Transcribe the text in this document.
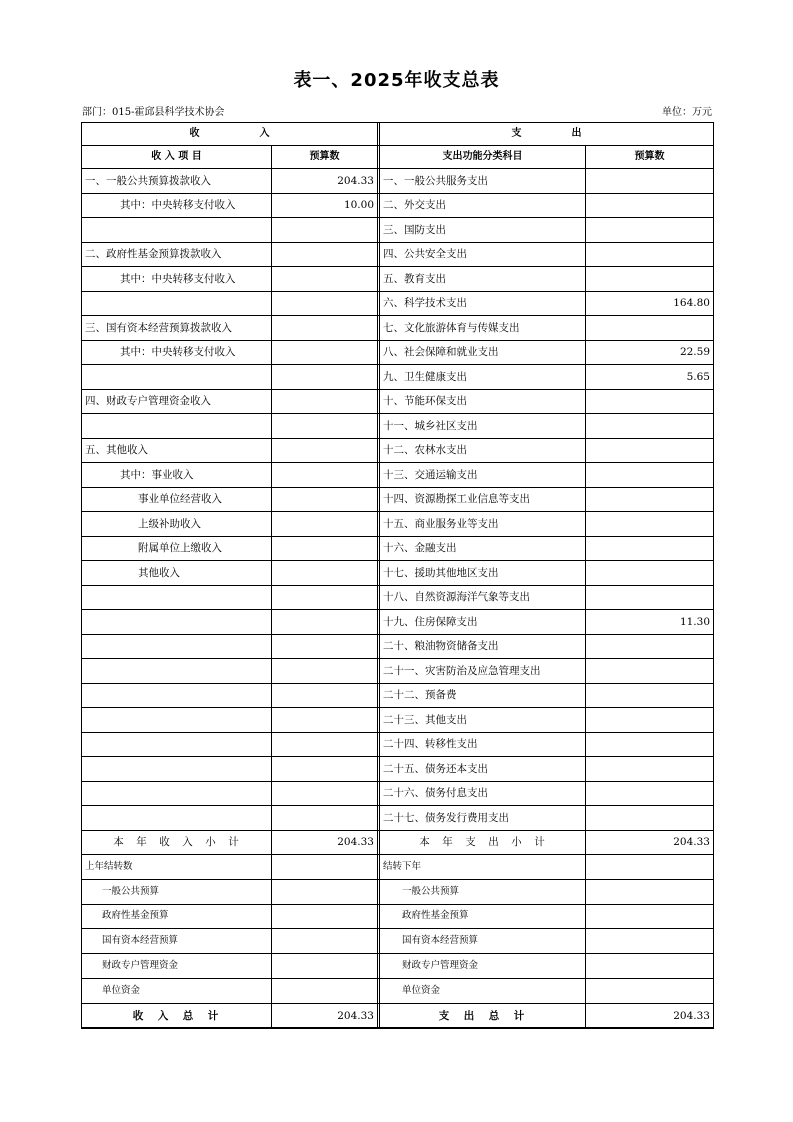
表一、2025年收支总表
部门：015-霍邱县科学技术协会	单位：万元
收　　　　　　入			支　　　　　出	
收 入 项 目	预算数		支出功能分类科目	预算数
一、一般公共预算拨款收入	204.33		一、一般公共服务支出	
其中：中央转移支付收入	10.00		二、外交支出	
			三、国防支出	
二、政府性基金预算拨款收入			四、公共安全支出	
其中：中央转移支付收入			五、教育支出	
			六、科学技术支出	164.80
三、国有资本经营预算拨款收入			七、文化旅游体育与传媒支出	
其中：中央转移支付收入			八、社会保障和就业支出	22.59
			九、卫生健康支出	5.65
四、财政专户管理资金收入			十、节能环保支出	
			十一、城乡社区支出	
五、其他收入			十二、农林水支出	
其中：事业收入			十三、交通运输支出	
事业单位经营收入			十四、资源勘探工业信息等支出	
上级补助收入			十五、商业服务业等支出	
附属单位上缴收入			十六、金融支出	
其他收入			十七、援助其他地区支出	
			十八、自然资源海洋气象等支出	
			十九、住房保障支出	11.30
			二十、粮油物资储备支出	
			二十一、灾害防治及应急管理支出	
			二十二、预备费	
			二十三、其他支出	
			二十四、转移性支出	
			二十五、债务还本支出	
			二十六、债务付息支出	
			二十七、债务发行费用支出	
本　年　收　入　小　计	204.33		本　年　支　出　小　计	204.33
上年结转数			结转下年	
一般公共预算			一般公共预算	
政府性基金预算			政府性基金预算	
国有资本经营预算			国有资本经营预算	
财政专户管理资金			财政专户管理资金	
单位资金			单位资金	
收　入　总　计	204.33		支　出　总　计	204.33
